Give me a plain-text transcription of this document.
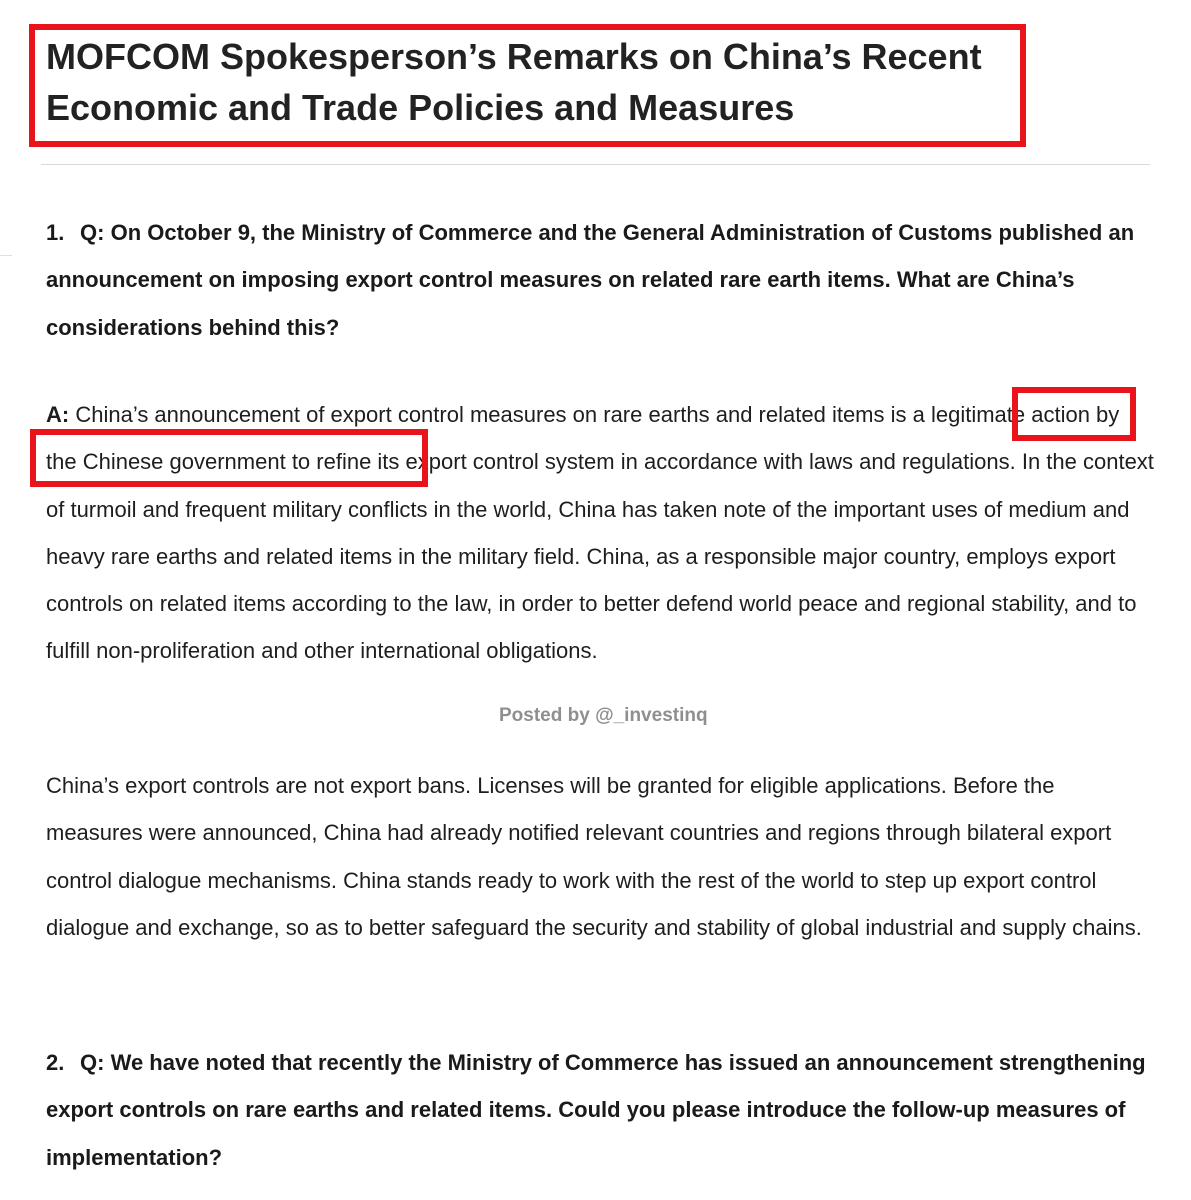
MOFCOM Spokesperson’s Remarks on China’s Recent Economic and Trade Policies and Measures

1. Q: On October 9, the Ministry of Commerce and the General Administration of Customs published an announcement on imposing export control measures on related rare earth items. What are China’s considerations behind this?

A: China’s announcement of export control measures on rare earths and related items is a legitimate action by the Chinese government to refine its export control system in accordance with laws and regulations. In the context of turmoil and frequent military conflicts in the world, China has taken note of the important uses of medium and heavy rare earths and related items in the military field. China, as a responsible major country, employs export controls on related items according to the law, in order to better defend world peace and regional stability, and to fulfill non-proliferation and other international obligations.

Posted by @_investinq

China’s export controls are not export bans. Licenses will be granted for eligible applications. Before the measures were announced, China had already notified relevant countries and regions through bilateral export control dialogue mechanisms. China stands ready to work with the rest of the world to step up export control dialogue and exchange, so as to better safeguard the security and stability of global industrial and supply chains.

2. Q: We have noted that recently the Ministry of Commerce has issued an announcement strengthening export controls on rare earths and related items. Could you please introduce the follow-up measures of implementation?
